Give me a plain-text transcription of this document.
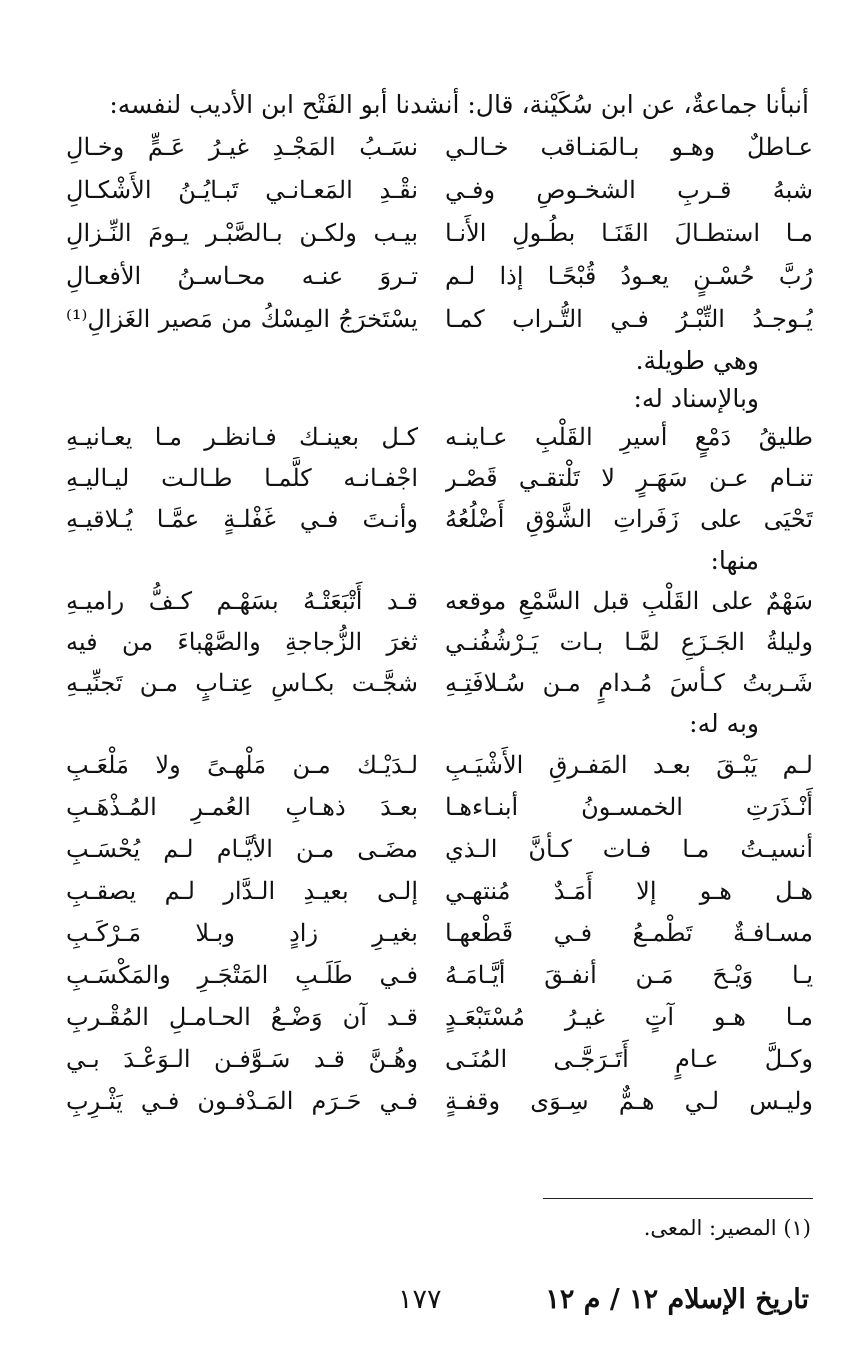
أنبأنا جماعةٌ، عن ابن سُكَيْنة، قال: أنشدنا أبو الفَتْح ابن الأديب لنفسه:
عـاطلٌ وهـو بـالمَنـاقب خـالـي
نسَـبُ المَجْـدِ غيـرُ عَـمٍّ وخـالِ
شبهُ قـربِ الشخـوصِ وفـي
نقْـدِ المَعـانـي تَبـايُـنُ الأَشْكـالِ
مـا استطـالَ القَنَـا بطُـولِ الأَنـا
بيـب ولكـن بـالصَّبْـر يـومَ النِّـزالِ
رُبَّ حُسْـنٍ يعـودُ قُبْحًـا إذا لـم
تـروَ عنـه محـاسـنُ الأفعـالِ
يُـوجـدُ التِّبْـرُ فـي التُّـراب كمـا
يسْتَخرَجُ المِسْكُ من مَصير الغَزالِ⁽¹⁾
وهي طويلة.
وبالإسناد له:
طليقُ دَمْعٍ أسيرِ القَلْبِ عـاينـه
كـل بعينـك فـانظـر مـا يعـانيـهِ
تنـام عـن سَهَـرٍ لا تَلْتقـي قَصْـر
اجْفـانـه كلَّمـا طـالـت ليـاليـهِ
تَحْيَى على زَفَراتِ الشَّوْقِ أَضْلُعُهُ
وأنـتَ فـي غَفْلـةٍ عمَّـا يُـلاقيـهِ
منها:
سَهْمٌ على القَلْبِ قبل السَّمْعِ موقعه
قـد أَتْبَعَتْـهُ بسَهْـم كـفُّ راميـهِ
وليلةُ الجَـزَعِ لمَّـا بـات يَـرْشُفُنـي
ثغرَ الزُّجاجةِ والصَّهْباءَ من فيه
شَـربتُ كـأسَ مُـدامٍ مـن سُـلافَتِـهِ
شجَّـت بكـاسِ عِتـابٍ مـن تَجنِّيـهِ
وبه له:
لـم يَبْـقَ بعـد المَفـرقِ الأَشْيَـبِ
لـدَيْـك مـن مَلْهـىً ولا مَلْعَـبِ
أَنْـذَرَتِ الخمسـونُ أبنـاءهـا
بعـدَ ذهـابِ العُمـرِ المُـذْهَـبِ
أنسيـتُ مـا فـات كـأنَّ الـذي
مضَـى مـن الأيَّـام لـم يُحْسَـبِ
هـل هـو إلا أَمَـدٌ مُنتهـي
إلـى بعيـدِ الـدَّار لـم يصقـبِ
مسـافـةٌ تَطْمـعُ فـي قَطْعهـا
بغيـرِ زادٍ وبـلا مَـرْكَـبِ
يـا وَيْـحَ مَـن أنفـقَ أيَّـامَـهُ
فـي طَلَـبِ المَتْجَـرِ والمَكْسَـبِ
مـا هـو آتٍ غيـرُ مُسْتَبْعَـدٍ
قـد آن وَضْـعُ الحـامـلِ المُقْـربِ
وكـلَّ عـامٍ أَتَـرَجَّـى المُنَـى
وهُـنَّ قـد سَـوَّفـن الـوَعْـدَ بـي
وليـس لـي هـمٌّ سِـوَى وقفـةٍ
فـي حَـرَم المَـدْفـون فـي يَثْـرِبِ
(١) المصير: المعى.
تاريخ الإسلام ١٢ / م ١٢
١٧٧
